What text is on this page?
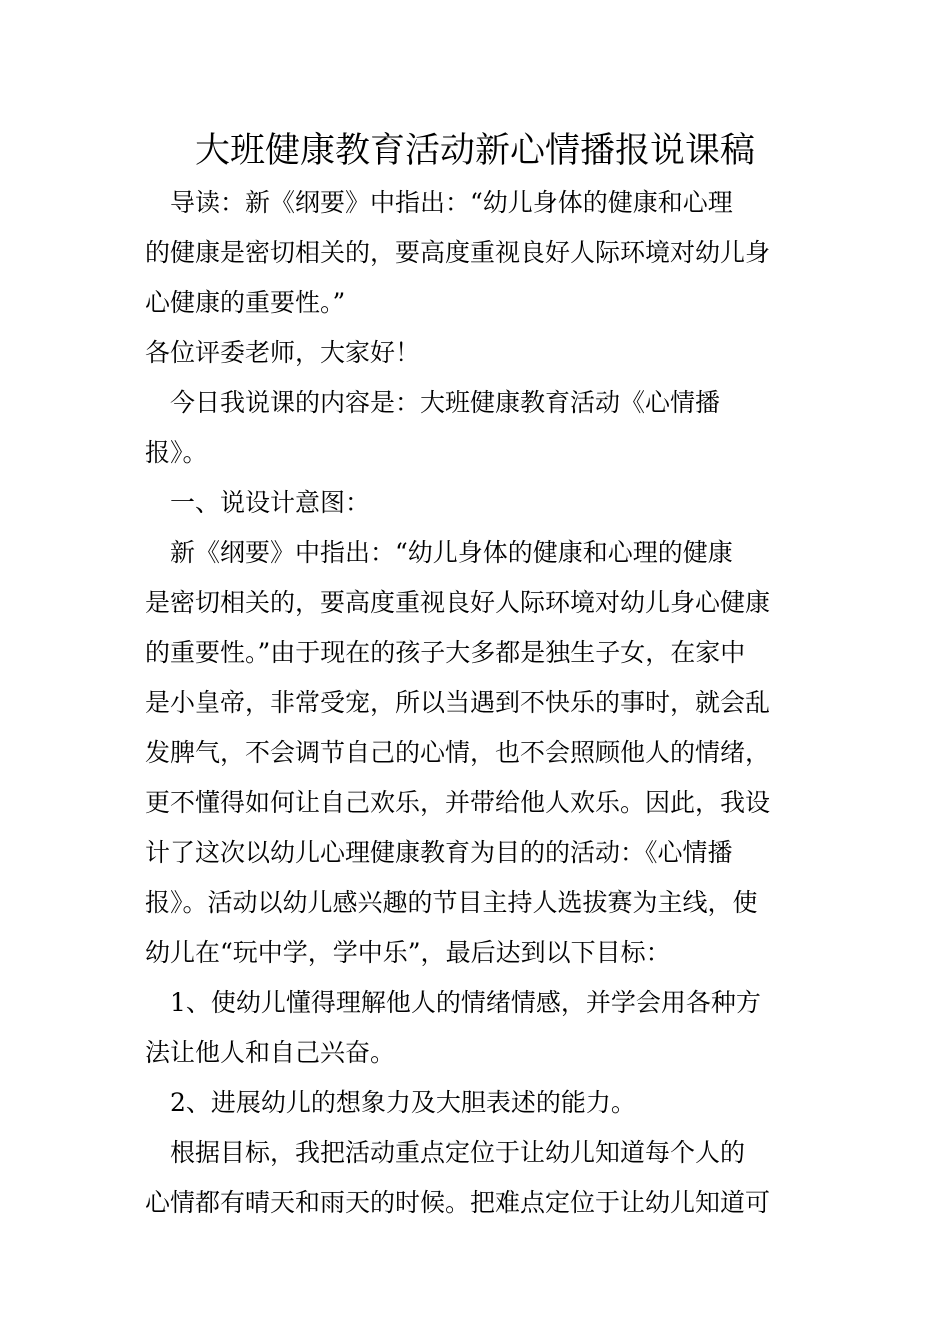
大班健康教育活动新心情播报说课稿

　导读：新《纲要》中指出：“幼儿身体的健康和心理

的健康是密切相关的，要高度重视良好人际环境对幼儿身

心健康的重要性。”

各位评委老师，大家好！

　今日我说课的内容是：大班健康教育活动《心情播

报》。

　一、说设计意图：

　新《纲要》中指出：“幼儿身体的健康和心理的健康

是密切相关的，要高度重视良好人际环境对幼儿身心健康

的重要性。”由于现在的孩子大多都是独生子女，在家中

是小皇帝，非常受宠，所以当遇到不快乐的事时，就会乱

发脾气，不会调节自己的心情，也不会照顾他人的情绪，

更不懂得如何让自己欢乐，并带给他人欢乐。因此，我设

计了这次以幼儿心理健康教育为目的的活动：《心情播

报》。活动以幼儿感兴趣的节目主持人选拔赛为主线，使

幼儿在“玩中学，学中乐”，最后达到以下目标：

　1、使幼儿懂得理解他人的情绪情感，并学会用各种方

法让他人和自己兴奋。

　2、进展幼儿的想象力及大胆表述的能力。

　根据目标，我把活动重点定位于让幼儿知道每个人的

心情都有晴天和雨天的时候。把难点定位于让幼儿知道可
